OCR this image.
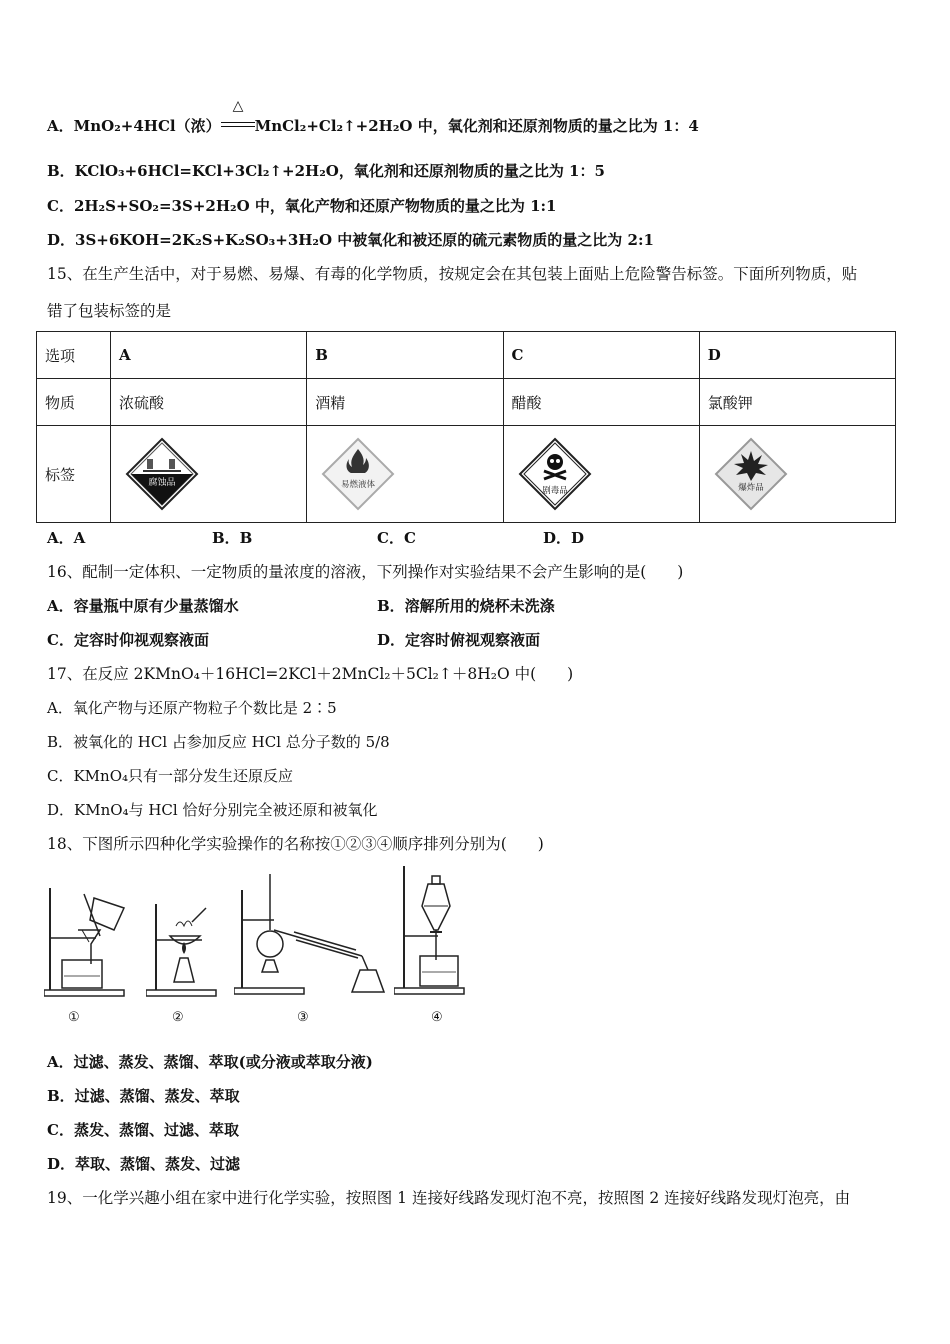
A．MnO₂+4HCl（浓）
△
MnCl₂+Cl₂↑+2H₂O 中，氧化剂和还原剂物质的量之比为 1：4
B．KClO₃+6HCl=KCl+3Cl₂↑+2H₂O，氧化剂和还原剂物质的量之比为 1：5
C．2H₂S+SO₂=3S+2H₂O 中，氧化产物和还原产物物质的量之比为 1:1
D．3S+6KOH=2K₂S+K₂SO₃+3H₂O 中被氧化和被还原的硫元素物质的量之比为 2:1
15、在生产生活中，对于易燃、易爆、有毒的化学物质，按规定会在其包装上面贴上危险警告标签。下面所列物质，贴
错了包装标签的是
选项	A	B	C	D
物质	浓硫酸	酒精	醋酸	氯酸钾
标签	腐蚀品	易燃液体	剧毒品	爆炸品
A．A	B．B	C．C	D．D
16、配制一定体积、一定物质的量浓度的溶液，下列操作对实验结果不会产生影响的是(　　)
A．容量瓶中原有少量蒸馏水	B．溶解所用的烧杯未洗涤
C．定容时仰视观察液面	D．定容时俯视观察液面
17、在反应 2KMnO₄＋16HCl=2KCl＋2MnCl₂＋5Cl₂↑＋8H₂O 中(　　)
A．氧化产物与还原产物粒子个数比是 2∶5
B．被氧化的 HCl 占参加反应 HCl 总分子数的 5/8
C．KMnO₄只有一部分发生还原反应
D．KMnO₄与 HCl 恰好分别完全被还原和被氧化
18、下图所示四种化学实验操作的名称按①②③④顺序排列分别为(　　)
①	②	③	④
A．过滤、蒸发、蒸馏、萃取(或分液或萃取分液)
B．过滤、蒸馏、蒸发、萃取
C．蒸发、蒸馏、过滤、萃取
D．萃取、蒸馏、蒸发、过滤
19、一化学兴趣小组在家中进行化学实验，按照图 1 连接好线路发现灯泡不亮，按照图 2 连接好线路发现灯泡亮，由
